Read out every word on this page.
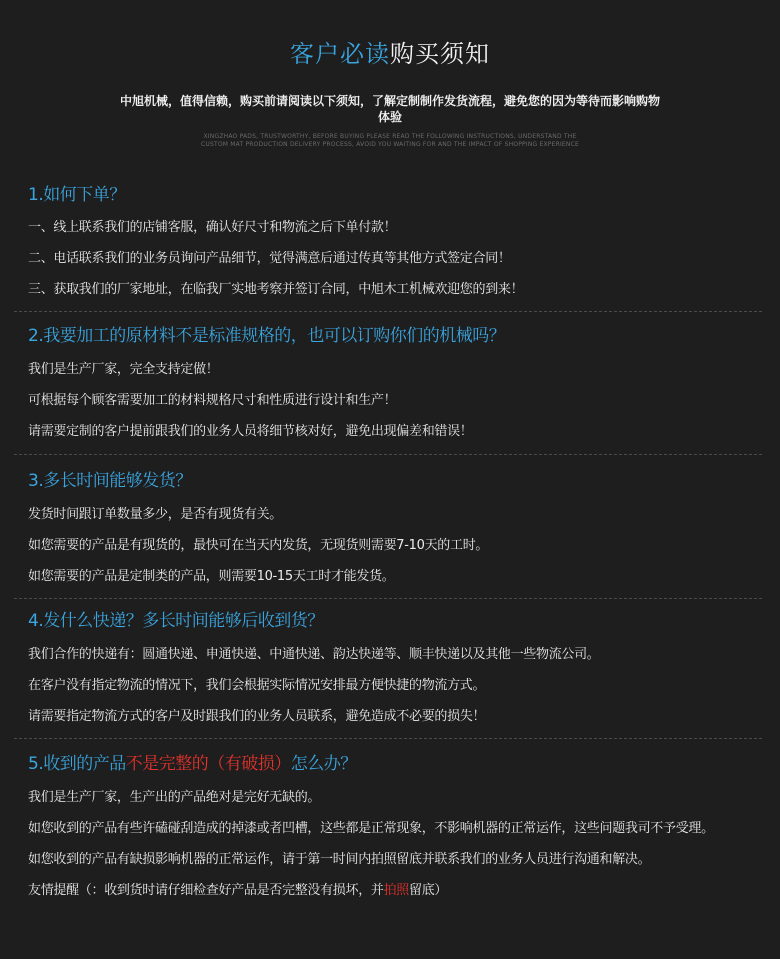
客户必读购买须知
中旭机械，值得信赖，购买前请阅读以下须知，了解定制制作发货流程，避免您的因为等待而影响购物体验
XINGZHAO PADS, TRUSTWORTHY, BEFORE BUYING PLEASE READ THE FOLLOWING INSTRUCTIONS, UNDERSTAND THE CUSTOM MAT PRODUCTION DELIVERY PROCESS, AVOID YOU WAITING FOR AND THE IMPACT OF SHOPPING EXPERIENCE
1.如何下单？

一、线上联系我们的店铺客服，确认好尺寸和物流之后下单付款！

二、电话联系我们的业务员询问产品细节，觉得满意后通过传真等其他方式签定合同！

三、获取我们的厂家地址，在临我厂实地考察并签订合同，中旭木工机械欢迎您的到来！

2.我要加工的原材料不是标准规格的，也可以订购你们的机械吗？

我们是生产厂家，完全支持定做！

可根据每个顾客需要加工的材料规格尺寸和性质进行设计和生产！

请需要定制的客户提前跟我们的业务人员将细节核对好，避免出现偏差和错误！

3.多长时间能够发货？

发货时间跟订单数量多少，是否有现货有关。

如您需要的产品是有现货的，最快可在当天内发货，无现货则需要7-10天的工时。

如您需要的产品是定制类的产品，则需要10-15天工时才能发货。

4.发什么快递？多长时间能够后收到货？

我们合作的快递有：圆通快递、申通快递、中通快递、韵达快递等、顺丰快递以及其他一些物流公司。

在客户没有指定物流的情况下，我们会根据实际情况安排最方便快捷的物流方式。

请需要指定物流方式的客户及时跟我们的业务人员联系，避免造成不必要的损失！

5.收到的产品不是完整的（有破损）怎么办？

我们是生产厂家，生产出的产品绝对是完好无缺的。

如您收到的产品有些许磕碰刮造成的掉漆或者凹槽，这些都是正常现象，不影响机器的正常运作，这些问题我司不予受理。

如您收到的产品有缺损影响机器的正常运作，请于第一时间内拍照留底并联系我们的业务人员进行沟通和解决。

友情提醒（：收到货时请仔细检查好产品是否完整没有损坏，并拍照留底）
